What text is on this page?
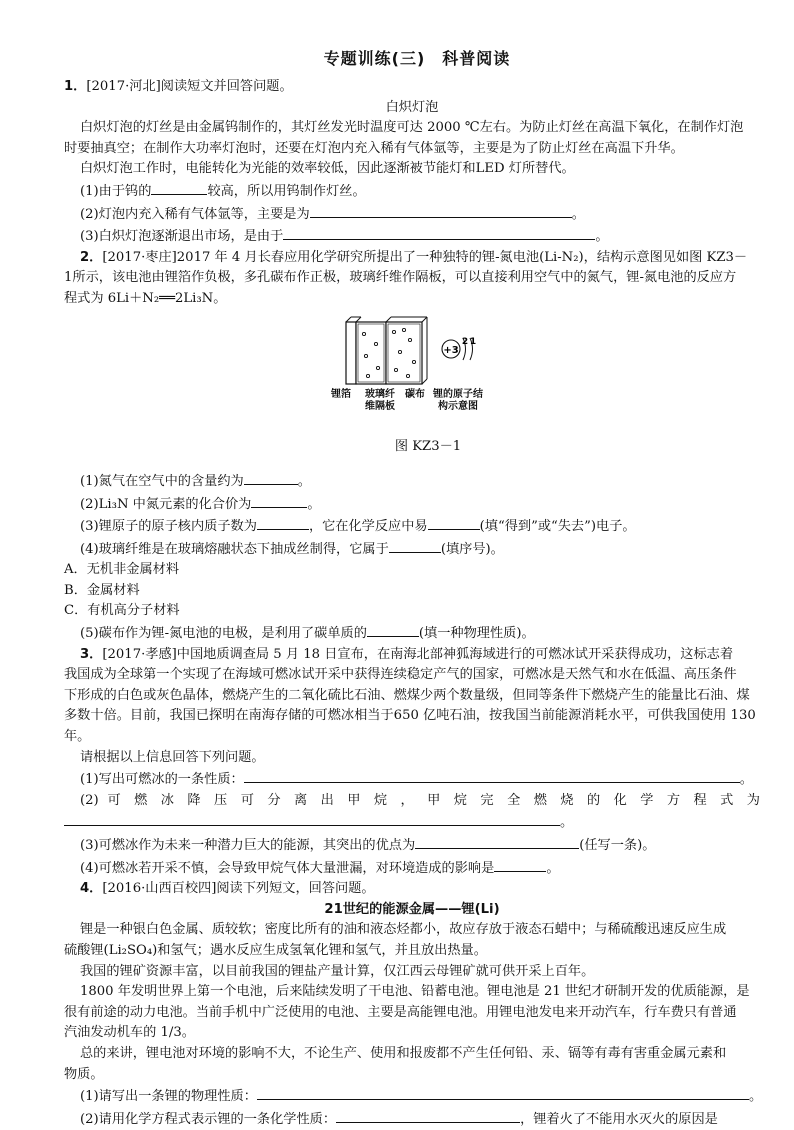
专题训练(三)　科普阅读

1．[2017·河北]阅读短文并回答问题。

白炽灯泡

白炽灯泡的灯丝是由金属钨制作的，其灯丝发光时温度可达 2000 ℃左右。为防止灯丝在高温下氧化，在制作灯泡

时要抽真空；在制作大功率灯泡时，还要在灯泡内充入稀有气体氩等，主要是为了防止灯丝在高温下升华。

白炽灯泡工作时，电能转化为光能的效率较低，因此逐渐被节能灯和LED 灯所替代。

(1)由于钨的	较高，所以用钨制作灯丝。

(2)灯泡内充入稀有气体氩等，主要是为	。

(3)白炽灯泡逐渐退出市场，是由于	。

2．[2017·枣庄]2017 年 4 月长春应用化学研究所提出了一种独特的锂-氮电池(Li-N₂)，结构示意图见如图 KZ3－

1所示，该电池由锂箔作负极，多孔碳布作正极，玻璃纤维作隔板，可以直接利用空气中的氮气，锂-氮电池的反应方

程式为 6Li＋N₂══2Li₃N。

+3
2 1
锂箔	玻璃纤
维隔板
碳布 锂的原子结
构示意图

图 KZ3－1

(1)氮气在空气中的含量约为	。

(2)Li₃N 中氮元素的化合价为	。

(3)锂原子的原子核内质子数为	，它在化学反应中易	(填“得到”或“失去”)电子。

(4)玻璃纤维是在玻璃熔融状态下抽成丝制得，它属于	(填序号)。

A．无机非金属材料

B．金属材料

C．有机高分子材料

(5)碳布作为锂-氮电池的电极，是利用了碳单质的	(填一种物理性质)。

3．[2017·孝感]中国地质调查局 5 月 18 日宣布，在南海北部神狐海域进行的可燃冰试开采获得成功，这标志着

我国成为全球第一个实现了在海域可燃冰试开采中获得连续稳定产气的国家，可燃冰是天然气和水在低温、高压条件

下形成的白色或灰色晶体，燃烧产生的二氧化硫比石油、燃煤少两个数量级，但同等条件下燃烧产生的能量比石油、煤

多数十倍。目前，我国已探明在南海存储的可燃冰相当于650 亿吨石油，按我国当前能源消耗水平，可供我国使用 130

年。

请根据以上信息回答下列问题。

(1)写出可燃冰的一条性质：	。

(2) 可 燃 冰 降 压 可 分 离 出 甲 烷 ， 甲 烷 完 全 燃 烧 的 化 学 方 程 式 为

。

(3)可燃冰作为未来一种潜力巨大的能源，其突出的优点为	(任写一条)。

(4)可燃冰若开采不慎，会导致甲烷气体大量泄漏，对环境造成的影响是	。

4．[2016·山西百校四]阅读下列短文，回答问题。

21世纪的能源金属——锂(Li)

锂是一种银白色金属、质较软；密度比所有的油和液态烃都小，故应存放于液态石蜡中；与稀硫酸迅速反应生成

硫酸锂(Li₂SO₄)和氢气；遇水反应生成氢氧化锂和氢气，并且放出热量。

我国的锂矿资源丰富，以目前我国的锂盐产量计算，仅江西云母锂矿就可供开采上百年。

1800 年发明世界上第一个电池，后来陆续发明了干电池、铅蓄电池。锂电池是 21 世纪才研制开发的优质能源，是

很有前途的动力电池。当前手机中广泛使用的电池、主要是高能锂电池。用锂电池发电来开动汽车，行车费只有普通

汽油发动机车的 1/3。

总的来讲，锂电池对环境的影响不大，不论生产、使用和报废都不产生任何铅、汞、镉等有毒有害重金属元素和

物质。

(1)请写出一条锂的物理性质：	。

(2)请用化学方程式表示锂的一条化学性质：	，锂着火了不能用水灭火的原因是
